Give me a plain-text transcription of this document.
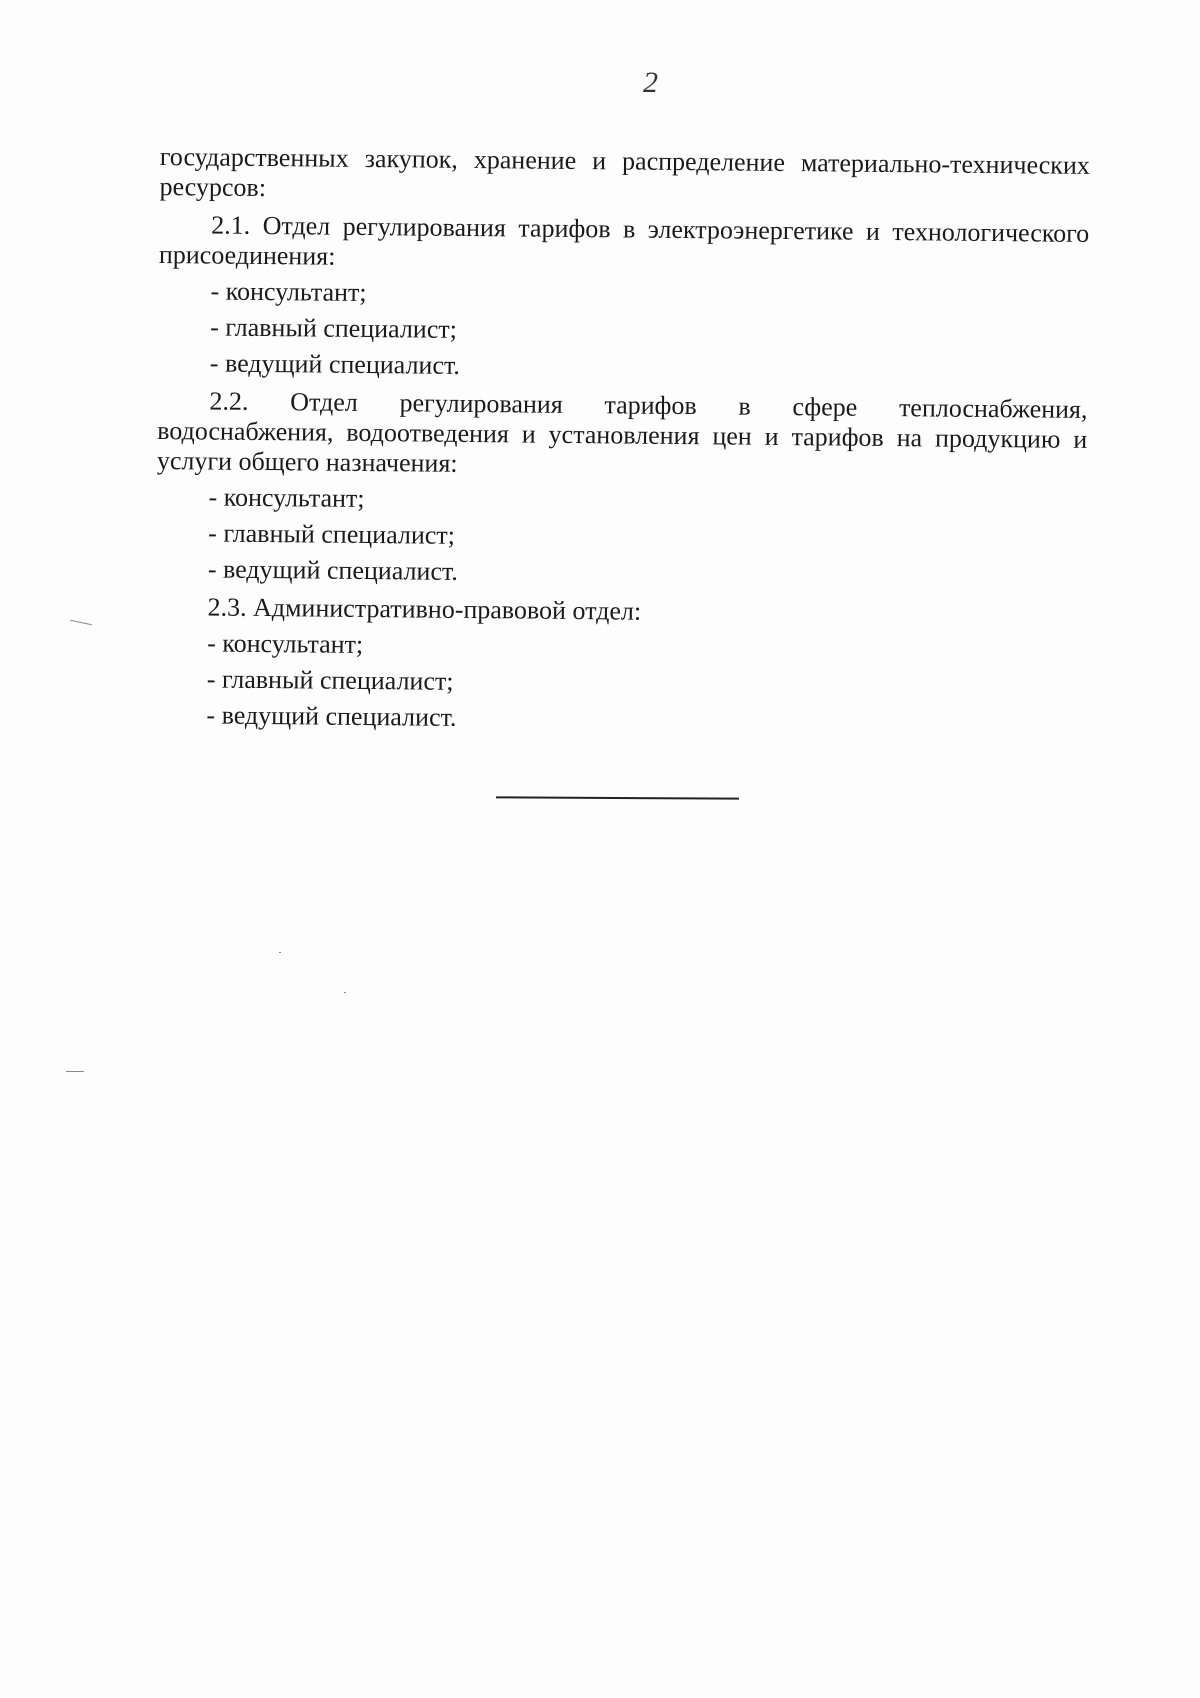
2

государственных закупок, хранение и распределение материально-технических

ресурсов:

2.1. Отдел регулирования тарифов в электроэнергетике и технологического

присоединения:

- консультант;

- главный специалист;

- ведущий специалист.

2.2. Отдел регулирования тарифов в сфере теплоснабжения,

водоснабжения, водоотведения и установления цен и тарифов на продукцию и

услуги общего назначения:

- консультант;

- главный специалист;

- ведущий специалист.

2.3. Административно-правовой отдел:

- консультант;

- главный специалист;

- ведущий специалист.
